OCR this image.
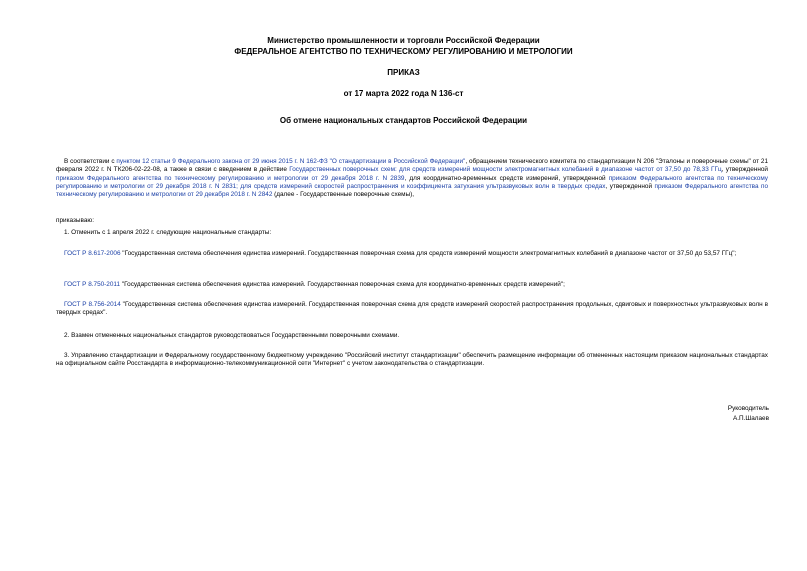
Министерство промышленности и торговли Российской Федерации
ФЕДЕРАЛЬНОЕ АГЕНТСТВО ПО ТЕХНИЧЕСКОМУ РЕГУЛИРОВАНИЮ И МЕТРОЛОГИИ
ПРИКАЗ
от 17 марта 2022 года N 136-ст
Об отмене национальных стандартов Российской Федерации
В соответствии с пунктом 12 статьи 9 Федерального закона от 29 июня 2015 г. N 162-ФЗ "О стандартизации в Российской Федерации", обращением технического комитета по стандартизации N 206 "Эталоны и поверочные схемы" от 21 февраля 2022 г. N ТК206-02-22-08, а также в связи с введением в действие Государственных поверочных схем: для средств измерений мощности электромагнитных колебаний в диапазоне частот от 37,50 до 78,33 ГГц, утвержденной приказом Федерального агентства по техническому регулированию и метрологии от 29 декабря 2018 г. N 2839, для координатно-временных средств измерений, утвержденной приказом Федерального агентства по техническому регулированию и метрологии от 29 декабря 2018 г. N 2831; для средств измерений скоростей распространения и коэффициента затухания ультразвуковых волн в твердых средах, утвержденной приказом Федерального агентства по техническому регулированию и метрологии от 29 декабря 2018 г. N 2842 (далее - Государственные поверочные схемы),
приказываю:
1. Отменить с 1 апреля 2022 г. следующие национальные стандарты:
ГОСТ Р 8.617-2006 "Государственная система обеспечения единства измерений. Государственная поверочная схема для средств измерений мощности электромагнитных колебаний в диапазоне частот от 37,50 до 53,57 ГГц";
ГОСТ Р 8.750-2011 "Государственная система обеспечения единства измерений. Государственная поверочная схема для координатно-временных средств измерений";
ГОСТ Р 8.756-2014 "Государственная система обеспечения единства измерений. Государственная поверочная схема для средств измерений скоростей распространения продольных, сдвиговых и поверхностных ультразвуковых волн в твердых средах".
2. Взамен отмененных национальных стандартов руководствоваться Государственными поверочными схемами.
3. Управлению стандартизации и Федеральному государственному бюджетному учреждению "Российский институт стандартизации" обеспечить размещение информации об отмененных настоящим приказом национальных стандартах на официальном сайте Росстандарта в информационно-телекоммуникационной сети "Интернет" с учетом законодательства о стандартизации.
Руководитель
А.П.Шалаев
